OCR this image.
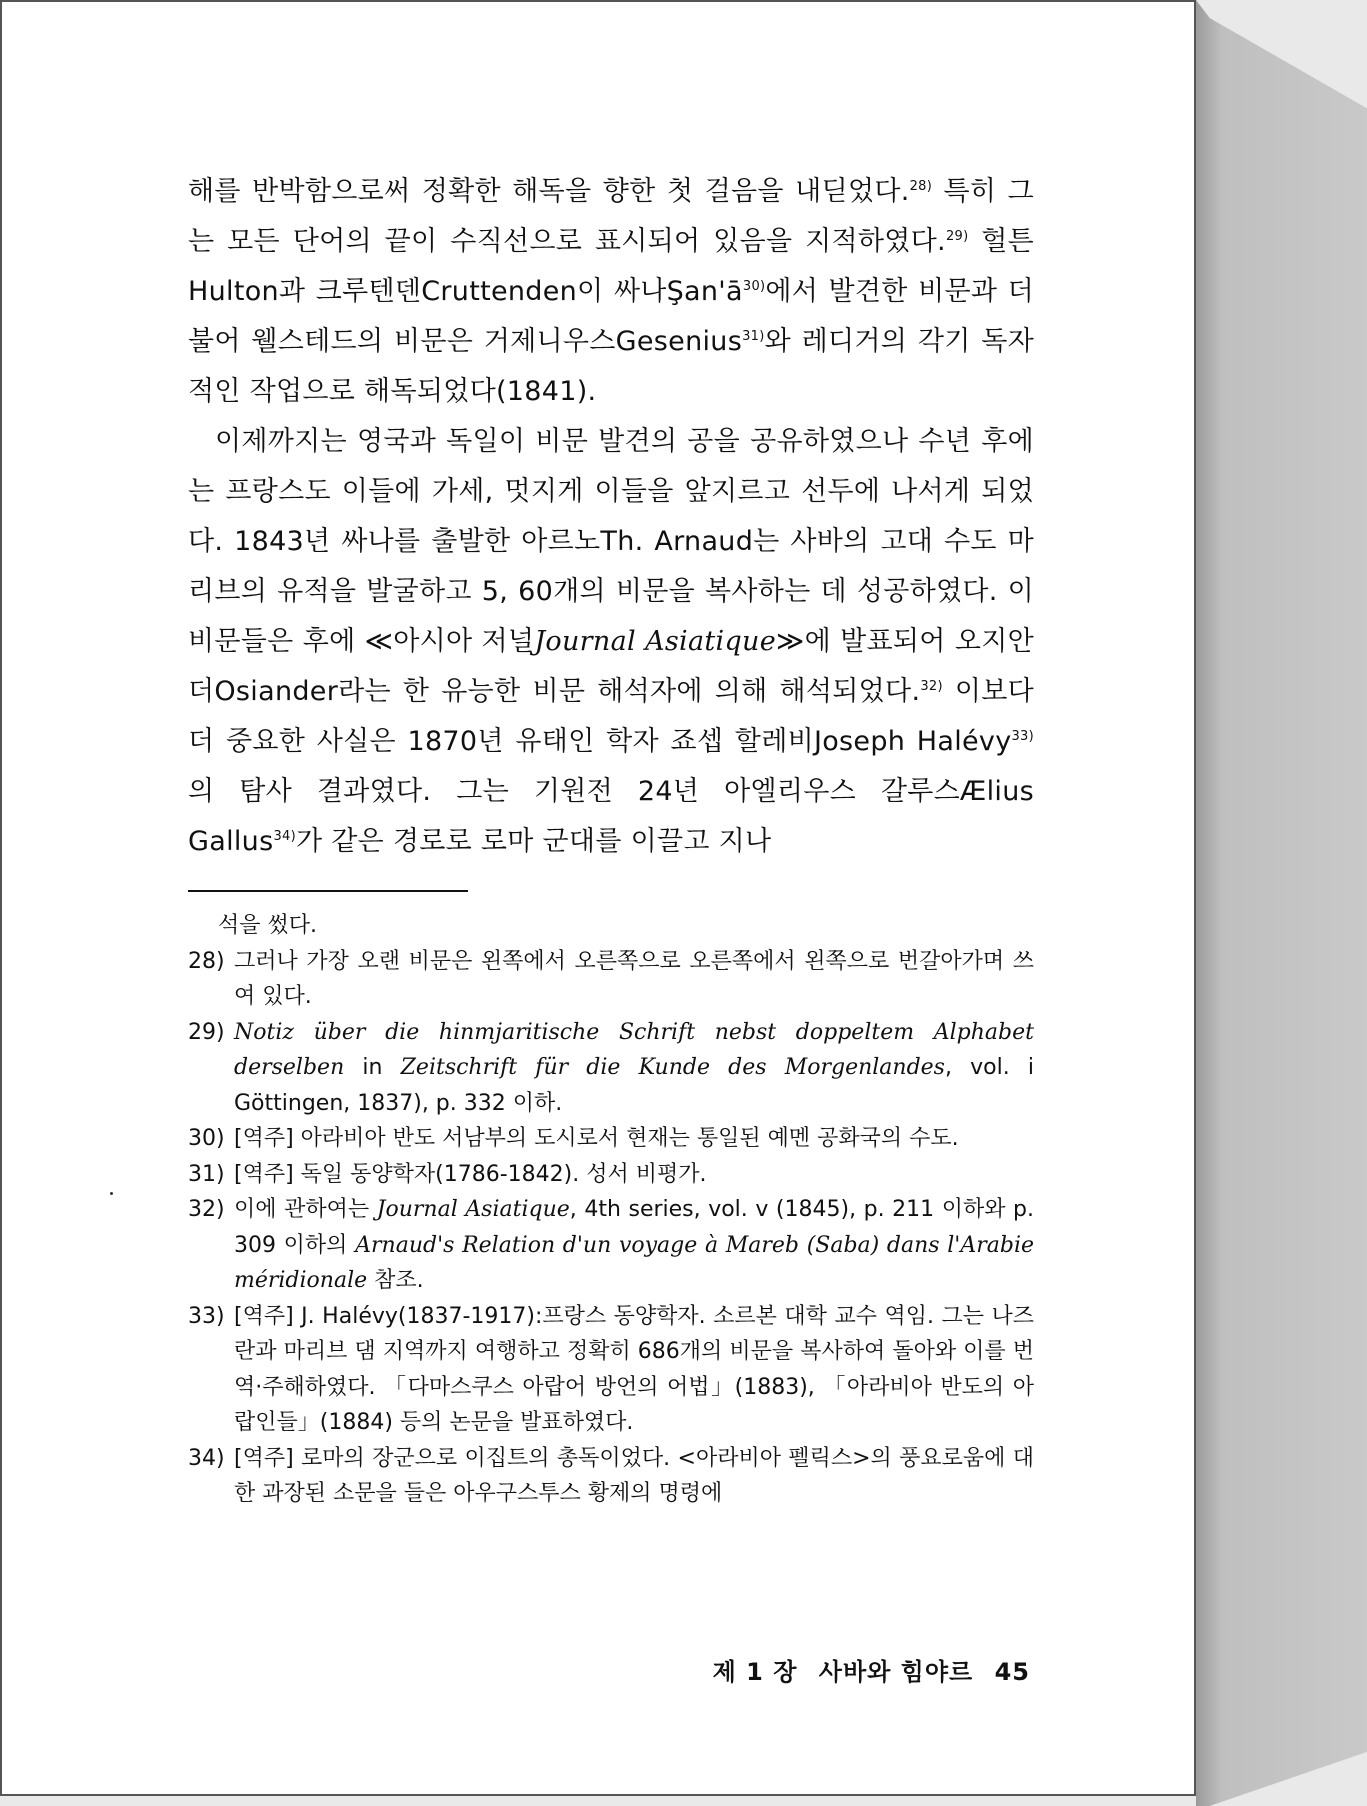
해를 반박함으로써 정확한 해독을 향한 첫 걸음을 내딛었다.$^{28)}$ 특히 그는 모든 단어의 끝이 수직선으로 표시되어 있음을 지적하였다.$^{29)}$ 헐튼Hulton과 크루텐덴Cruttenden이 싸나$Şan'ā^{30)}$에서 발견한 비문과 더불어 웰스테드의 비문은 거제니우스Gesenius$^{31)}$와 레디거의 각기 독자적인 작업으로 해독되었다(1841).

이제까지는 영국과 독일이 비문 발견의 공을 공유하였으나 수년 후에는 프랑스도 이들에 가세, 멋지게 이들을 앞지르고 선두에 나서게 되었다. 1843년 싸나를 출발한 아르노Th. Arnaud는 사바의 고대 수도 마리브의 유적을 발굴하고 5, 60개의 비문을 복사하는 데 성공하였다. 이 비문들은 후에 ≪아시아 저널Journal Asiatique≫에 발표되어 오지안더Osiander라는 한 유능한 비문 해석자에 의해 해석되었다.$^{32)}$ 이보다 더 중요한 사실은 1870년 유태인 학자 죠셉 할레비Joseph Halévy$^{33)}$의 탐사 결과였다. 그는 기원전 24년 아엘리우스 갈루스Ælius Gallus$^{34)}$가 같은 경로로 로마 군대를 이끌고 지나

석을 썼다.

28) 그러나 가장 오랜 비문은 왼쪽에서 오른쪽으로 오른쪽에서 왼쪽으로 번갈아가며 쓰여 있다.
29) Notiz über die hinmjaritische Schrift nebst doppeltem Alphabet derselben in Zeitschrift für die Kunde des Morgenlandes, vol. i Göttingen, 1837), p. 332 이하.
30) [역주] 아라비아 반도 서남부의 도시로서 현재는 통일된 예멘 공화국의 수도.
31) [역주] 독일 동양학자(1786-1842). 성서 비평가.
32) 이에 관하여는 Journal Asiatique, 4th series, vol. v (1845), p. 211 이하와 p. 309 이하의 Arnaud's Relation d'un voyage à Mareb (Saba) dans l'Arabie méridionale 참조.
33) [역주] J. Halévy(1837-1917):프랑스 동양학자. 소르본 대학 교수 역임. 그는 나즈란과 마리브 댐 지역까지 여행하고 정확히 686개의 비문을 복사하여 돌아와 이를 번역·주해하였다. 「다마스쿠스 아랍어 방언의 어법」(1883), 「아라비아 반도의 아랍인들」(1884) 등의 논문을 발표하였다.
34) [역주] 로마의 장군으로 이집트의 총독이었다. <아라비아 펠릭스>의 풍요로움에 대한 과장된 소문을 들은 아우구스투스 황제의 명령에
제 1 장 사바와 힘야르 45
